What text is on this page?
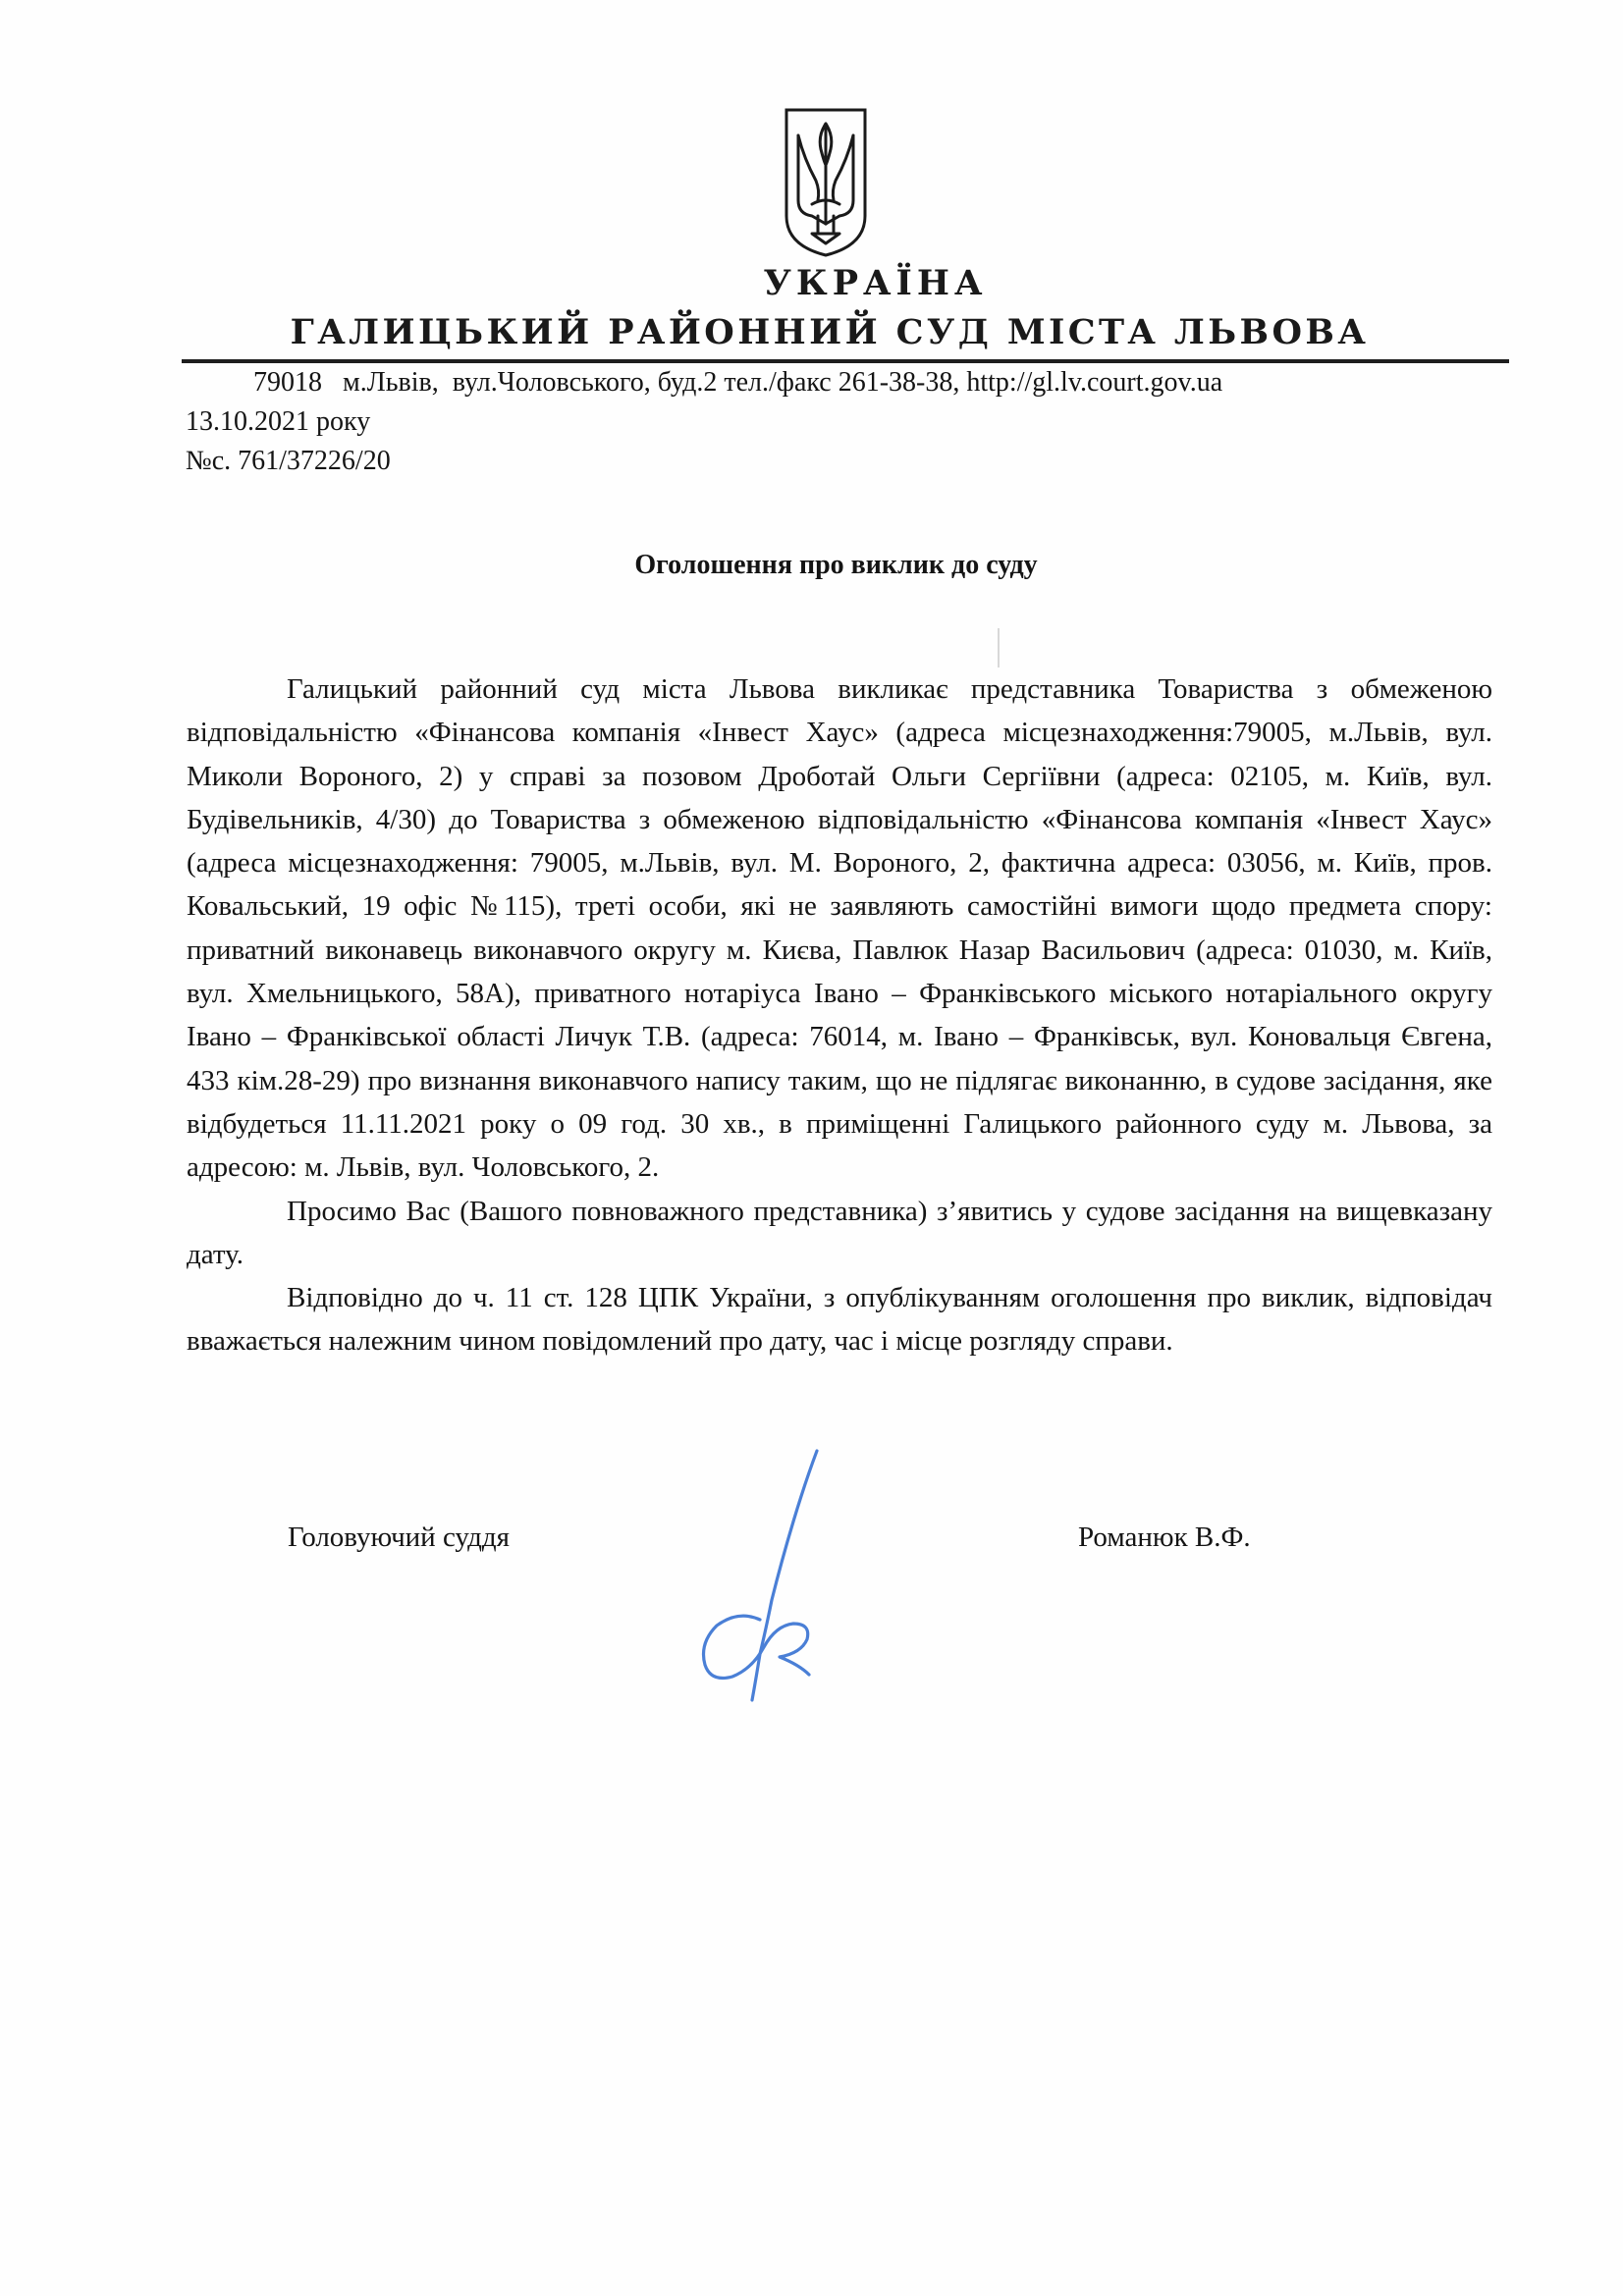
УКРАЇНА
ГАЛИЦЬКИЙ РАЙОННИЙ СУД МІСТА ЛЬВОВА
79018   м.Львів,  вул.Чоловського, буд.2 тел./факс 261-38-38, http://gl.lv.court.gov.ua
13.10.2021 року
№с. 761/37226/20
Оголошення про виклик до суду

Галицький районний суд міста Львова викликає представника Товариства з обмеженою відповідальністю «Фінансова компанія «Інвест Хаус» (адреса місцезнаходження:79005, м.Львів, вул. Миколи Вороного, 2) у справі за позовом Дроботай Ольги Сергіївни (адреса: 02105, м. Київ, вул. Будівельників, 4/30) до Товариства з обмеженою відповідальністю «Фінансова компанія «Інвест Хаус» (адреса місцезнаходження: 79005, м.Львів, вул. М. Вороного, 2, фактична адреса: 03056, м. Київ, пров. Ковальський, 19 офіс №115), треті особи, які не заявляють самостійні вимоги щодо предмета спору: приватний виконавець виконавчого округу м. Києва, Павлюк Назар Васильович (адреса: 01030, м. Київ, вул. Хмельницького, 58А), приватного нотаріуса Івано – Франківського міського нотаріального округу Івано – Франківської області Личук Т.В. (адреса: 76014, м. Івано – Франківськ, вул. Коновальця Євгена, 433 кім.28-29) про визнання виконавчого напису таким, що не підлягає виконанню, в судове засідання, яке відбудеться 11.11.2021 року о 09 год. 30 хв., в приміщенні Галицького районного суду м. Львова, за адресою: м. Львів, вул. Чоловського, 2.

Просимо Вас (Вашого повноважного представника) з’явитись у судове засідання на вищевказану дату.

Відповідно до ч. 11 ст. 128 ЦПК України, з опублікуванням оголошення про виклик, відповідач вважається належним чином повідомлений про дату, час і місце розгляду справи.

Головуючий суддя	Романюк В.Ф.
